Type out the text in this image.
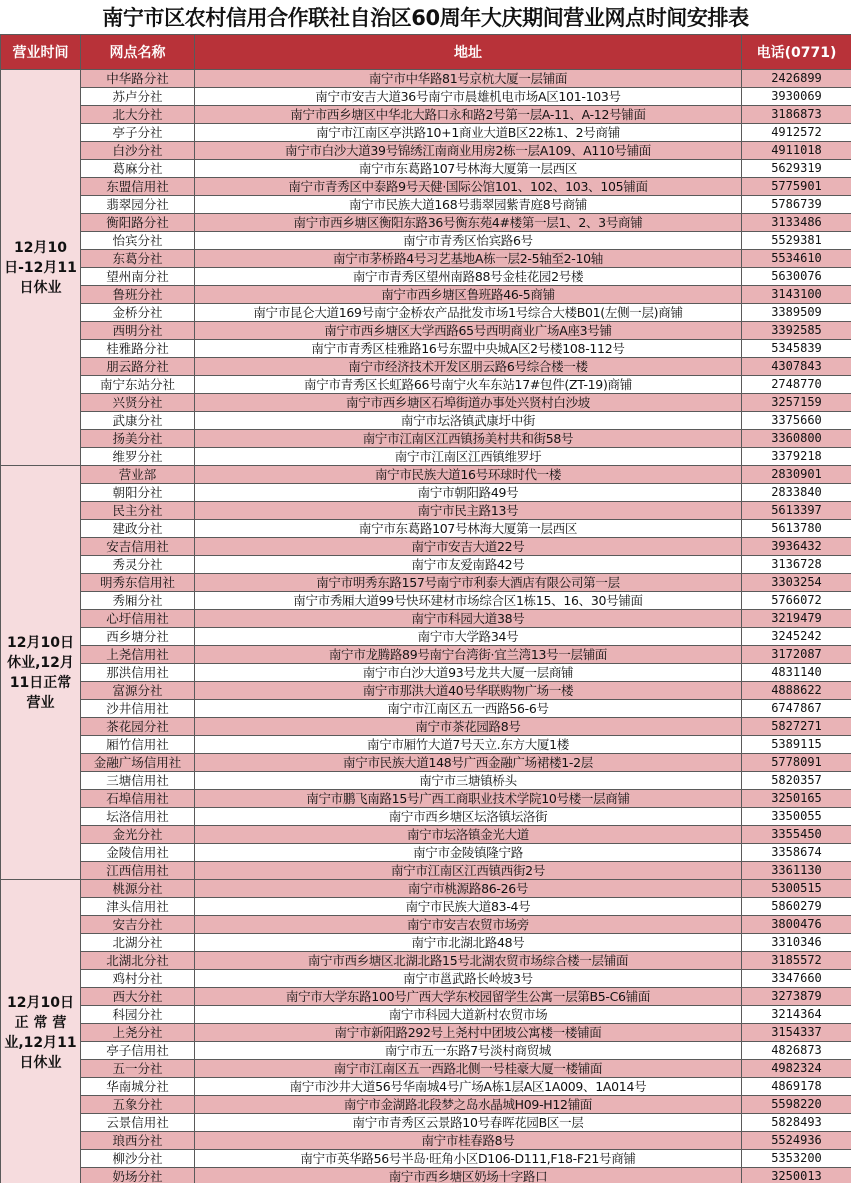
南宁市区农村信用合作联社自治区60周年大庆期间营业网点时间安排表
营业时间	网点名称	地址	电话(0771)
12月10日-12月11日休业	中华路分社	南宁市中华路81号京杭大厦一层铺面	2426899
	苏卢分社	南宁市安吉大道36号南宁市晨雄机电市场A区101-103号	3930069
	北大分社	南宁市西乡塘区中华北大路口永和路2号第一层A-11、A-12号铺面	3186873
	亭子分社	南宁市江南区亭洪路10+1商业大道B区22栋1、2号商铺	4912572
	白沙分社	南宁市白沙大道39号锦绣江南商业用房2栋一层A109、A110号铺面	4911018
	葛麻分社	南宁市东葛路107号林海大厦第一层西区	5629319
	东盟信用社	南宁市青秀区中泰路9号天健·国际公馆101、102、103、105铺面	5775901
	翡翠园分社	南宁市民族大道168号翡翠园紫青庭8号商铺	5786739
	衡阳路分社	南宁市西乡塘区衡阳东路36号衡东苑4#楼第一层1、2、3号商铺	3133486
	怡宾分社	南宁市青秀区怡宾路6号	5529381
	东葛分社	南宁市茅桥路4号习艺基地A栋一层2-5轴至2-10轴	5534610
	望州南分社	南宁市青秀区望州南路88号金桂花园2号楼	5630076
	鲁班分社	南宁市西乡塘区鲁班路46-5商铺	3143100
	金桥分社	南宁市昆仑大道169号南宁金桥农产品批发市场1号综合大楼B01(左侧一层)商铺	3389509
	西明分社	南宁市西乡塘区大学西路65号西明商业广场A座3号铺	3392585
	桂雅路分社	南宁市青秀区桂雅路16号东盟中央城A区2号楼108-112号	5345839
	朋云路分社	南宁市经济技术开发区朋云路6号综合楼一楼	4307843
	南宁东站分社	南宁市青秀区长虹路66号南宁火车东站17#包件(ZT-19)商铺	2748770
	兴贤分社	南宁市西乡塘区石埠街道办事处兴贤村白沙坡	3257159
	武康分社	南宁市坛洛镇武康圩中街	3375660
	扬美分社	南宁市江南区江西镇扬美村共和街58号	3360800
	维罗分社	南宁市江南区江西镇维罗圩	3379218
12月10日休业,12月11日正常营业	营业部	南宁市民族大道16号环球时代一楼	2830901
	朝阳分社	南宁市朝阳路49号	2833840
	民主分社	南宁市民主路13号	5613397
	建政分社	南宁市东葛路107号林海大厦第一层西区	5613780
	安吉信用社	南宁市安吉大道22号	3936432
	秀灵分社	南宁市友爱南路42号	3136728
	明秀东信用社	南宁市明秀东路157号南宁市利泰大酒店有限公司第一层	3303254
	秀厢分社	南宁市秀厢大道99号快环建材市场综合区1栋15、16、30号铺面	5766072
	心圩信用社	南宁市科园大道38号	3219479
	西乡塘分社	南宁市大学路34号	3245242
	上尧信用社	南宁市龙腾路89号南宁台湾街·宜兰湾13号一层铺面	3172087
	那洪信用社	南宁市白沙大道93号龙共大厦一层商铺	4831140
	富源分社	南宁市那洪大道40号华联购物广场一楼	4888622
	沙井信用社	南宁市江南区五一西路56-6号	6747867
	茶花园分社	南宁市茶花园路8号	5827271
	厢竹信用社	南宁市厢竹大道7号天立.东方大厦1楼	5389115
	金融广场信用社	南宁市民族大道148号广西金融广场裙楼1-2层	5778091
	三塘信用社	南宁市三塘镇桥头	5820357
	石埠信用社	南宁市鹏飞南路15号广西工商职业技术学院10号楼一层商铺	3250165
	坛洛信用社	南宁市西乡塘区坛洛镇坛洛街	3350055
	金光分社	南宁市坛洛镇金光大道	3355450
	金陵信用社	南宁市金陵镇隆宁路	3358674
	江西信用社	南宁市江南区江西镇西街2号	3361130
12月10日 正 常 营 业,12月11日休业	桃源分社	南宁市桃源路86-26号	5300515
	津头信用社	南宁市民族大道83-4号	5860279
	安吉分社	南宁市安吉农贸市场旁	3800476
	北湖分社	南宁市北湖北路48号	3310346
	北湖北分社	南宁市西乡塘区北湖北路15号北湖农贸市场综合楼一层铺面	3185572
	鸡村分社	南宁市邕武路长岭坡3号	3347660
	西大分社	南宁市大学东路100号广西大学东校园留学生公寓一层第B5-C6铺面	3273879
	科园分社	南宁市科园大道新村农贸市场	3214364
	上尧分社	南宁市新阳路292号上尧村中团坡公寓楼一楼铺面	3154337
	亭子信用社	南宁市五一东路7号淡村商贸城	4826873
	五一分社	南宁市江南区五一西路北侧一号桂豪大厦一楼铺面	4982324
	华南城分社	南宁市沙井大道56号华南城4号广场A栋1层A区1A009、1A014号	4869178
	五象分社	南宁市金湖路北段梦之岛水晶城H09-H12铺面	5598220
	云景信用社	南宁市青秀区云景路10号春晖花园B区一层	5828493
	琅西分社	南宁市桂春路8号	5524936
	柳沙分社	南宁市英华路56号半岛·旺角小区D106-D111,F18-F21号商铺	5353200
	奶场分社	南宁市西乡塘区奶场十字路口	3250013
